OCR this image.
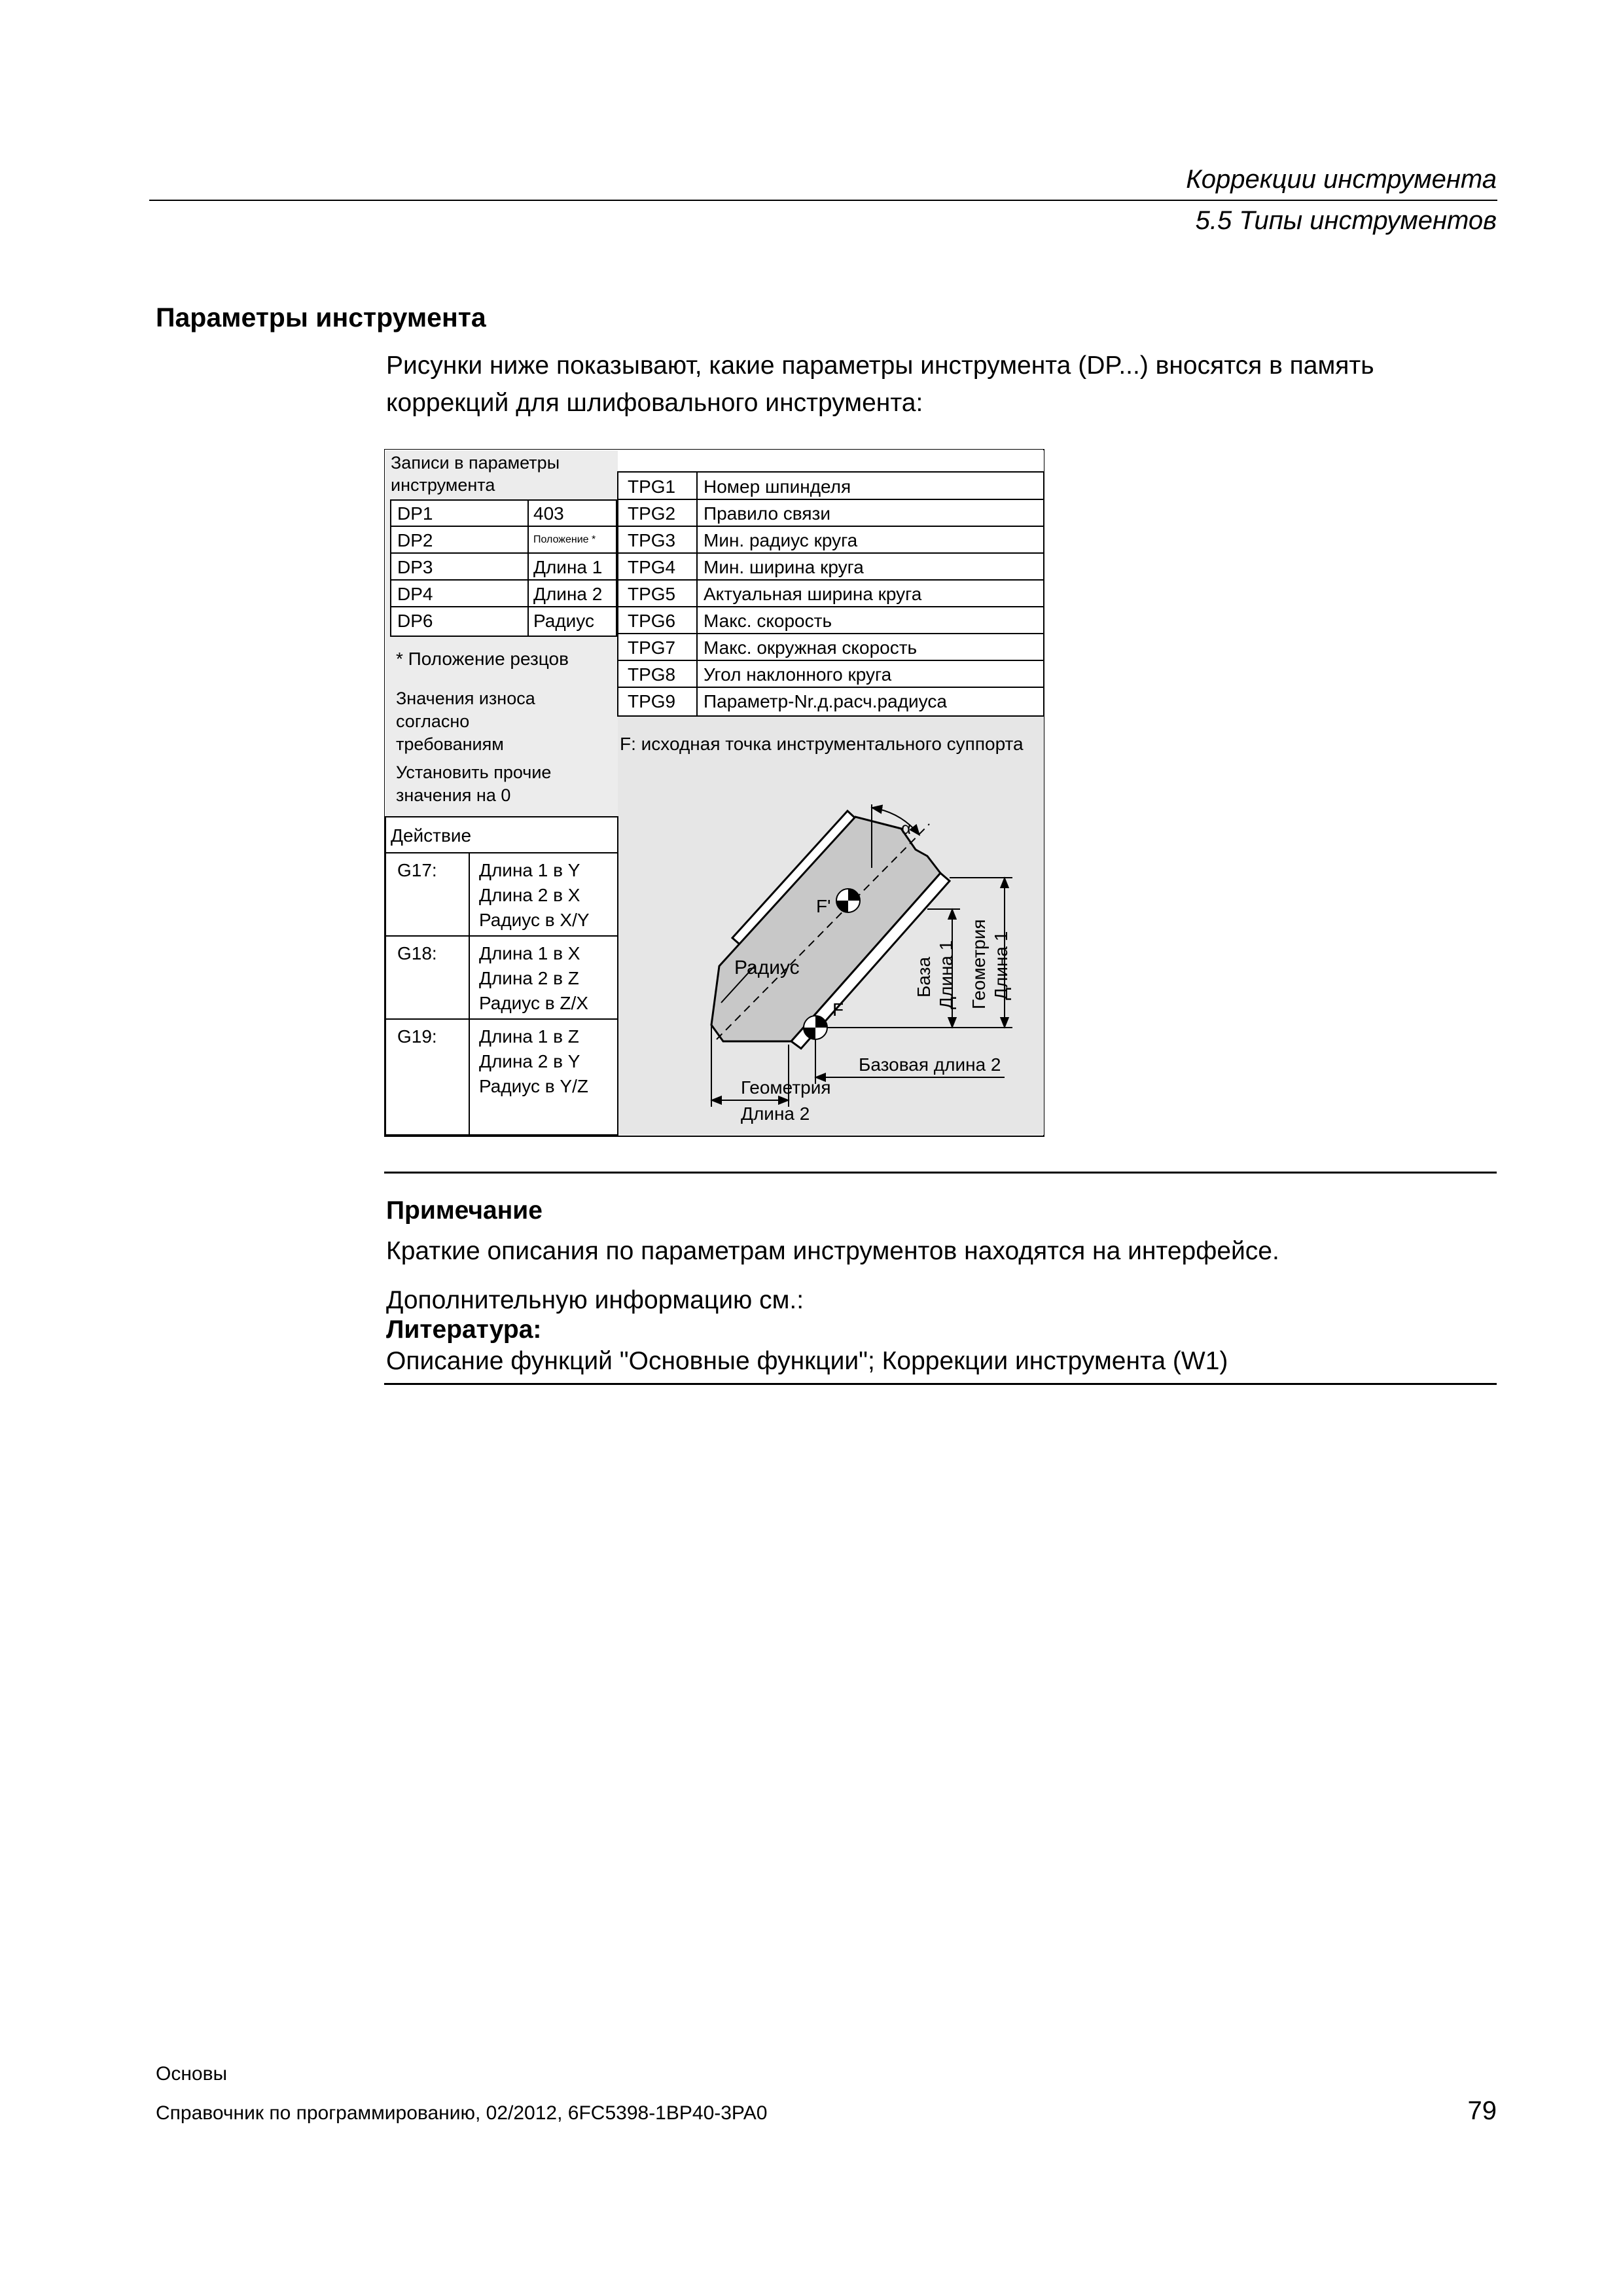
Коррекции инструмента
5.5 Типы инструментов
Параметры инструмента
Рисунки ниже показывают, какие параметры инструмента (DP...) вносятся в память коррекций для шлифовального инструмента:
Записи в параметры
инструмента
DP1	403
DP2	Положение *
DP3	Длина 1
DP4	Длина 2
DP6	Радиус
* Положение резцов
Значения износа
согласно
требованиям
Установить прочие
значения на 0
Действие
G17: Длина 1 в Y
Длина 2 в X
Радиус в X/Y
G18: Длина 1 в X
Длина 2 в Z
Радиус в Z/X
G19: Длина 1 в Z
Длина 2 в Y
Радиус в Y/Z
TPG1 Номер шпинделя
TPG2 Правило связи
TPG3 Мин. радиус круга
TPG4 Мин. ширина круга
TPG5 Актуальная ширина круга
TPG6 Макс. скорость
TPG7 Макс. окружная скорость
TPG8 Угол наклонного круга
TPG9 Параметр-Nr.д.расч.радиуса
F: исходная точка инструментального суппорта
α
F'
F
Радиус	База Длина 1 Геометрия Длина 1
Базовая длина 2
Геометрия
Длина 2
Примечание
Краткие описания по параметрам инструментов находятся на интерфейсе.
Дополнительную информацию см.:
Литература:
Описание функций "Основные функции"; Коррекции инструмента (W1)
Основы
Справочник по программированию, 02/2012, 6FC5398-1BP40-3PA0	79
